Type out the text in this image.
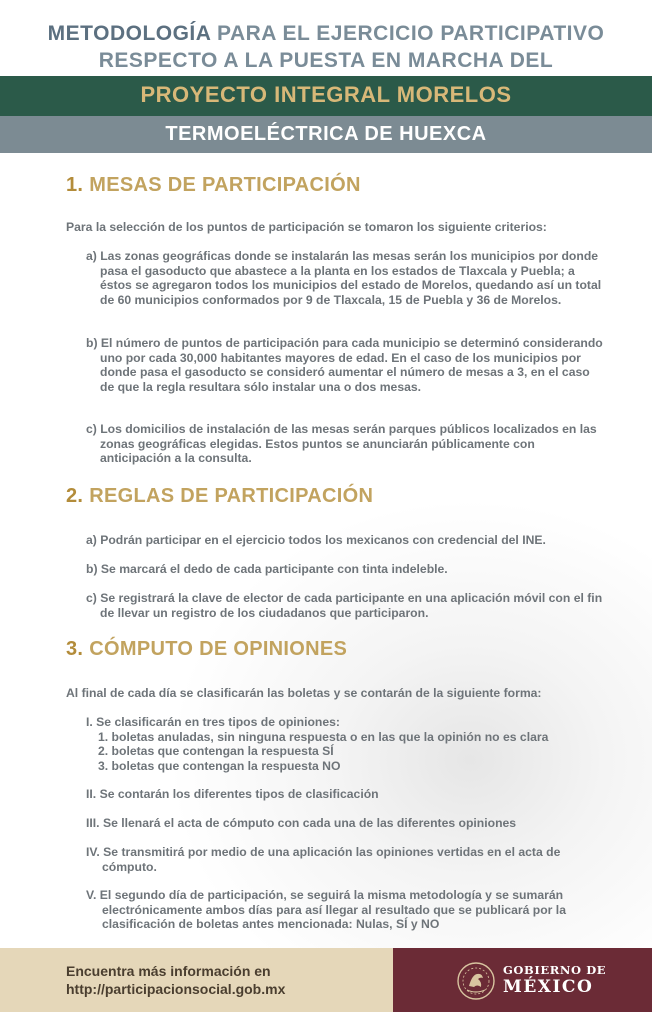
METODOLOGÍA PARA EL EJERCICIO PARTICIPATIVO
RESPECTO A LA PUESTA EN MARCHA DEL
PROYECTO INTEGRAL MORELOS
TERMOELÉCTRICA DE HUEXCA
1. MESAS DE PARTICIPACIÓN
Para la selección de los puntos de participación se tomaron los siguiente criterios:
a) Las zonas geográficas donde se instalarán las mesas serán los municipios por donde pasa el gasoducto que abastece a la planta en los estados de Tlaxcala y Puebla; a éstos se agregaron todos los municipios del estado de Morelos, quedando así un total de 60 municipios conformados por 9 de Tlaxcala, 15 de Puebla y 36 de Morelos.
b) El número de puntos de participación para cada municipio se determinó considerando uno por cada 30,000 habitantes mayores de edad. En el caso de los municipios por donde pasa el gasoducto se consideró aumentar el número de mesas a 3, en el caso de que la regla resultara sólo instalar una o dos mesas.
c) Los domicilios de instalación de las mesas serán parques públicos localizados en las zonas geográficas elegidas. Estos puntos se anunciarán públicamente con anticipación a la consulta.
2. REGLAS DE PARTICIPACIÓN
a) Podrán participar en el ejercicio todos los mexicanos con credencial del INE.
b) Se marcará el dedo de cada participante con tinta indeleble.
c) Se registrará la clave de elector de cada participante en una aplicación móvil con el fin de llevar un registro de los ciudadanos que participaron.
3. CÓMPUTO DE OPINIONES
Al final de cada día se clasificarán las boletas y se contarán de la siguiente forma:
I. Se clasificarán en tres tipos de opiniones:
1. boletas anuladas, sin ninguna respuesta o en las que la opinión no es clara
2. boletas que contengan la respuesta SÍ
3. boletas que contengan la respuesta NO
II. Se contarán los diferentes tipos de clasificación
III. Se llenará el acta de cómputo con cada una de las diferentes opiniones
IV. Se transmitirá por medio de una aplicación las opiniones vertidas en el acta de cómputo.
V. El segundo día de participación, se seguirá la misma metodología y se sumarán electrónicamente ambos días para así llegar al resultado que se publicará por la clasificación de boletas antes mencionada: Nulas, SÍ y NO
Encuentra más información en
http://participacionsocial.gob.mx
GOBIERNO DE
MÉXICO
